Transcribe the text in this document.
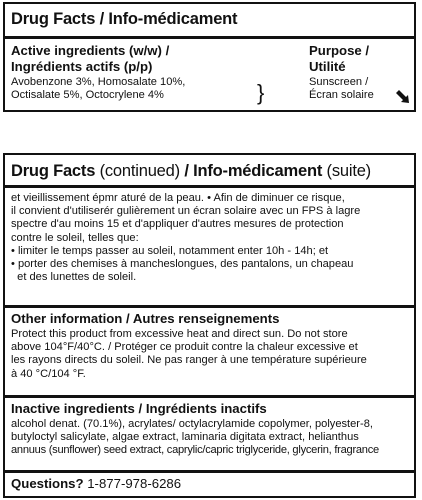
Drug Facts / Info-médicament
Active ingredients (w/w) /
Ingrédients actifs (p/p)
Avobenzone 3%, Homosalate 10%,
Octisalate 5%, Octocrylene 4%	}
Purpose /
Utilité
Sunscreen /
Écran solaire
Drug Facts (continued) / Info-médicament (suite)
et vieillissement épmr aturé de la peau. • Afin de diminuer ce risque,
il convient d'utiliserér gulièrement un écran solaire avec un FPS à lagre
spectre d'au moins 15 et d'appliquer d'autres mesures de protection
contre le soleil, telles que:
• limiter le temps passer au soleil, notamment enter 10h - 14h; et
• porter des chemises à mancheslongues, des pantalons, un chapeau
et des lunettes de soleil.
Other information / Autres renseignements
Protect this product from excessive heat and direct sun. Do not store
above 104°F/40°C. / Protéger ce produit contre la chaleur excessive et
les rayons directs du soleil. Ne pas ranger à une température supérieure
à 40 °C/104 °F.
Inactive ingredients / Ingrédients inactifs
alcohol denat. (70.1%), acrylates/ octylacrylamide copolymer, polyester-8,
butyloctyl salicylate, algae extract, laminaria digitata extract, helianthus
annuus (sunflower) seed extract, caprylic/capric triglyceride, glycerin, fragrance
Questions? 1-877-978-6286
